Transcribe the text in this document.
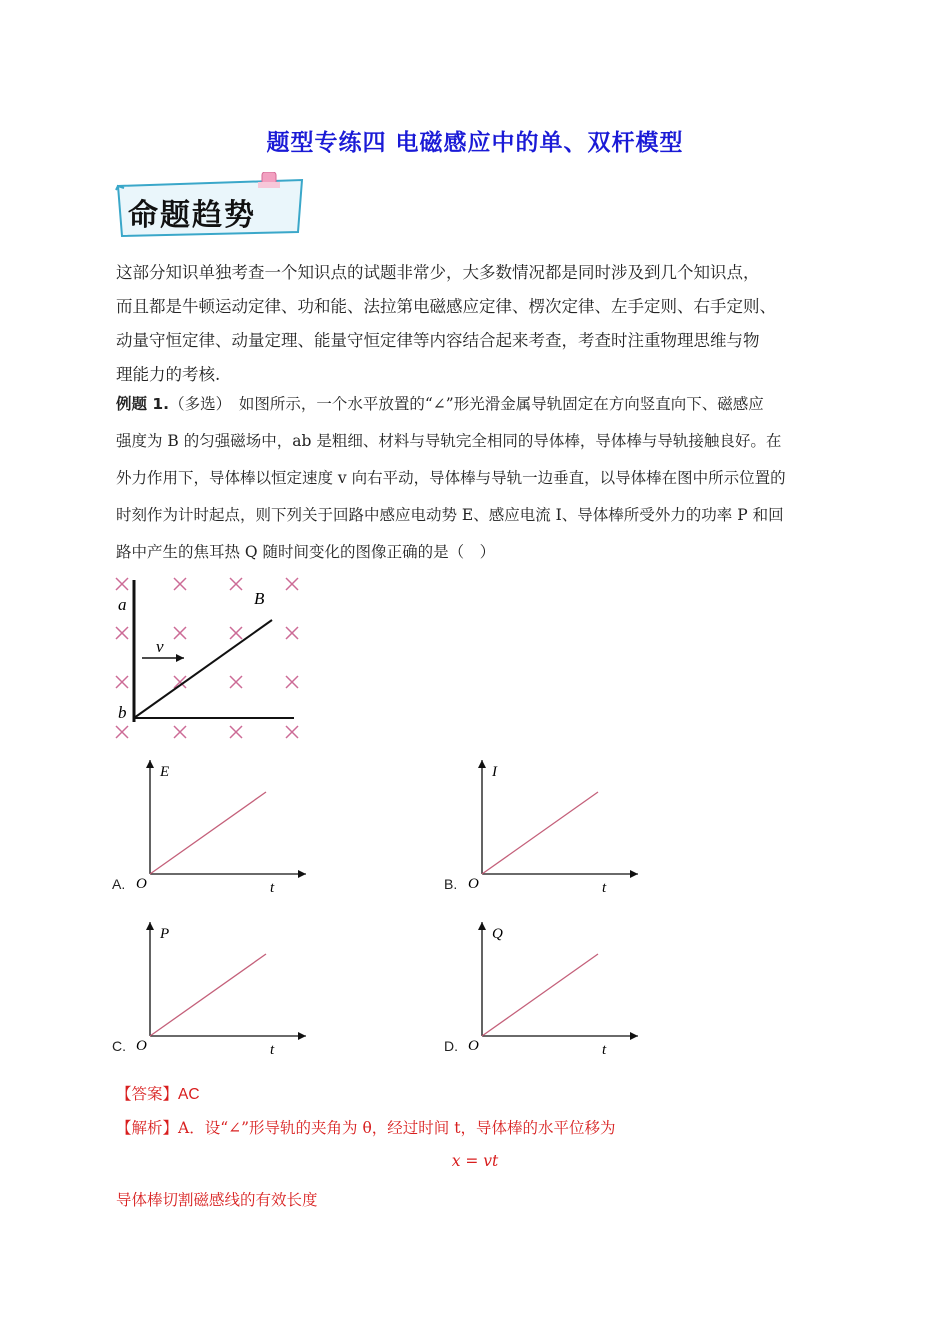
题型专练四 电磁感应中的单、双杆模型
命题趋势
这部分知识单独考查一个知识点的试题非常少，大多数情况都是同时涉及到几个知识点，
而且都是牛顿运动定律、功和能、法拉第电磁感应定律、楞次定律、左手定则、右手定则、
动量守恒定律、动量定理、能量守恒定律等内容结合起来考查，考查时注重物理思维与物
理能力的考核.
例题 1.（多选）　 如图所示，一个水平放置的“∠”形光滑金属导轨固定在方向竖直向下、磁感应
强度为 B 的匀强磁场中，ab 是粗细、材料与导轨完全相同的导体棒，导体棒与导轨接触良好。在
外力作用下，导体棒以恒定速度 v 向右平动，导体棒与导轨一边垂直，以导体棒在图中所示位置的
时刻作为计时起点，则下列关于回路中感应电动势 E、感应电流 I、导体棒所受外力的功率 P 和回
路中产生的焦耳热 Q 随时间变化的图像正确的是（　）
a
b
B
v
A.
E
t
O	B.
I
t
O
C.
P
t
O	D.
Q
t
O
【答案】AC
【解析】A．设“∠”形导轨的夹角为 θ，经过时间 t，导体棒的水平位移为
x = vt
导体棒切割磁感线的有效长度
